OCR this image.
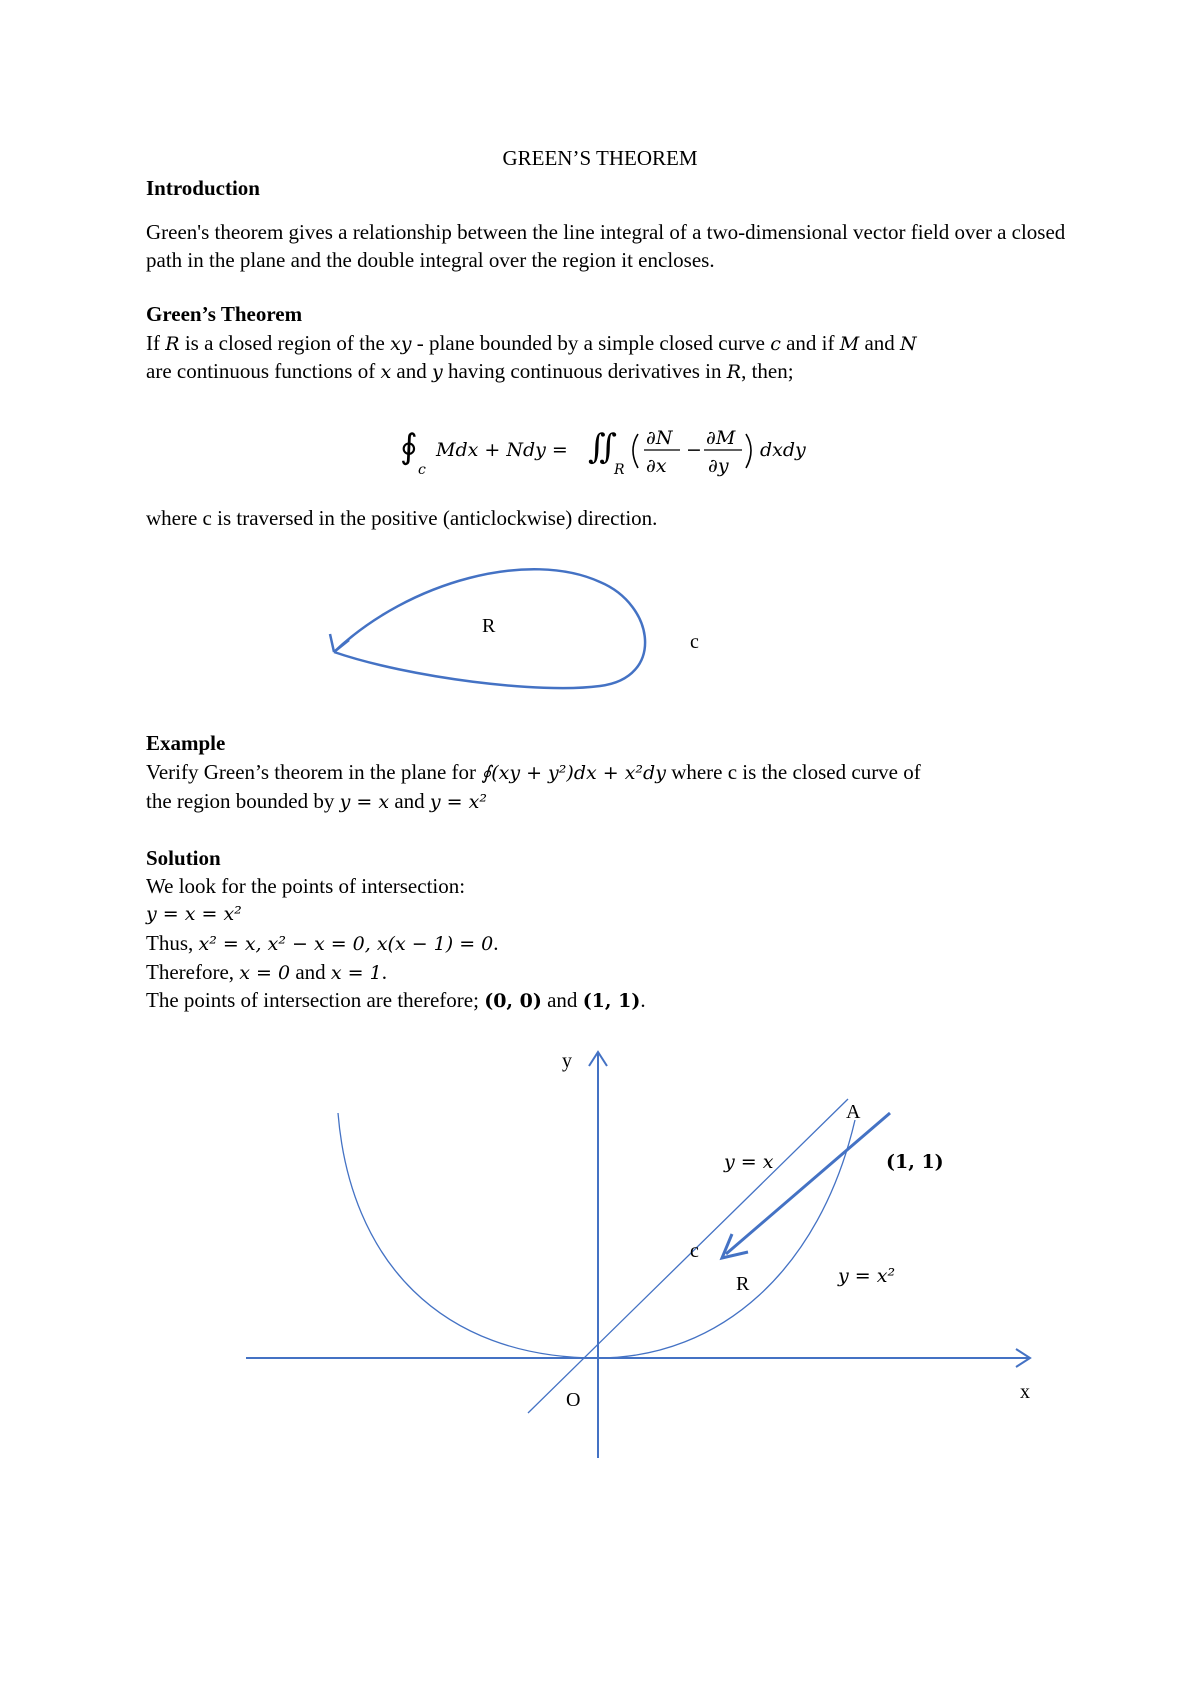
GREEN’S THEOREM
Introduction
Green's theorem gives a relationship between the line integral of a two-dimensional vector field over a closed path in the plane and the double integral over the region it encloses.
Green’s Theorem
If R is a closed region of the xy - plane bounded by a simple closed curve c and if M and N
are continuous functions of x and y having continuous derivatives in R, then;
∮
c
Mdx + Ndy = ∬
R
∂N
∂x
−
∂M
∂y
dxdy
where c is traversed in the positive (anticlockwise) direction.
R
c
Example
Verify Green’s theorem in the plane for ∮(xy + y²)dx + x²dy where c is the closed curve of
the region bounded by y = x and y = x²
Solution
We look for the points of intersection:
y = x = x²
Thus, x² = x, x² − x = 0, x(x − 1) = 0.
Therefore, x = 0 and x = 1.
The points of intersection are therefore; (0, 0) and (1, 1).
y
x
O
A
(1, 1)
y = x
y = x²
c
R
